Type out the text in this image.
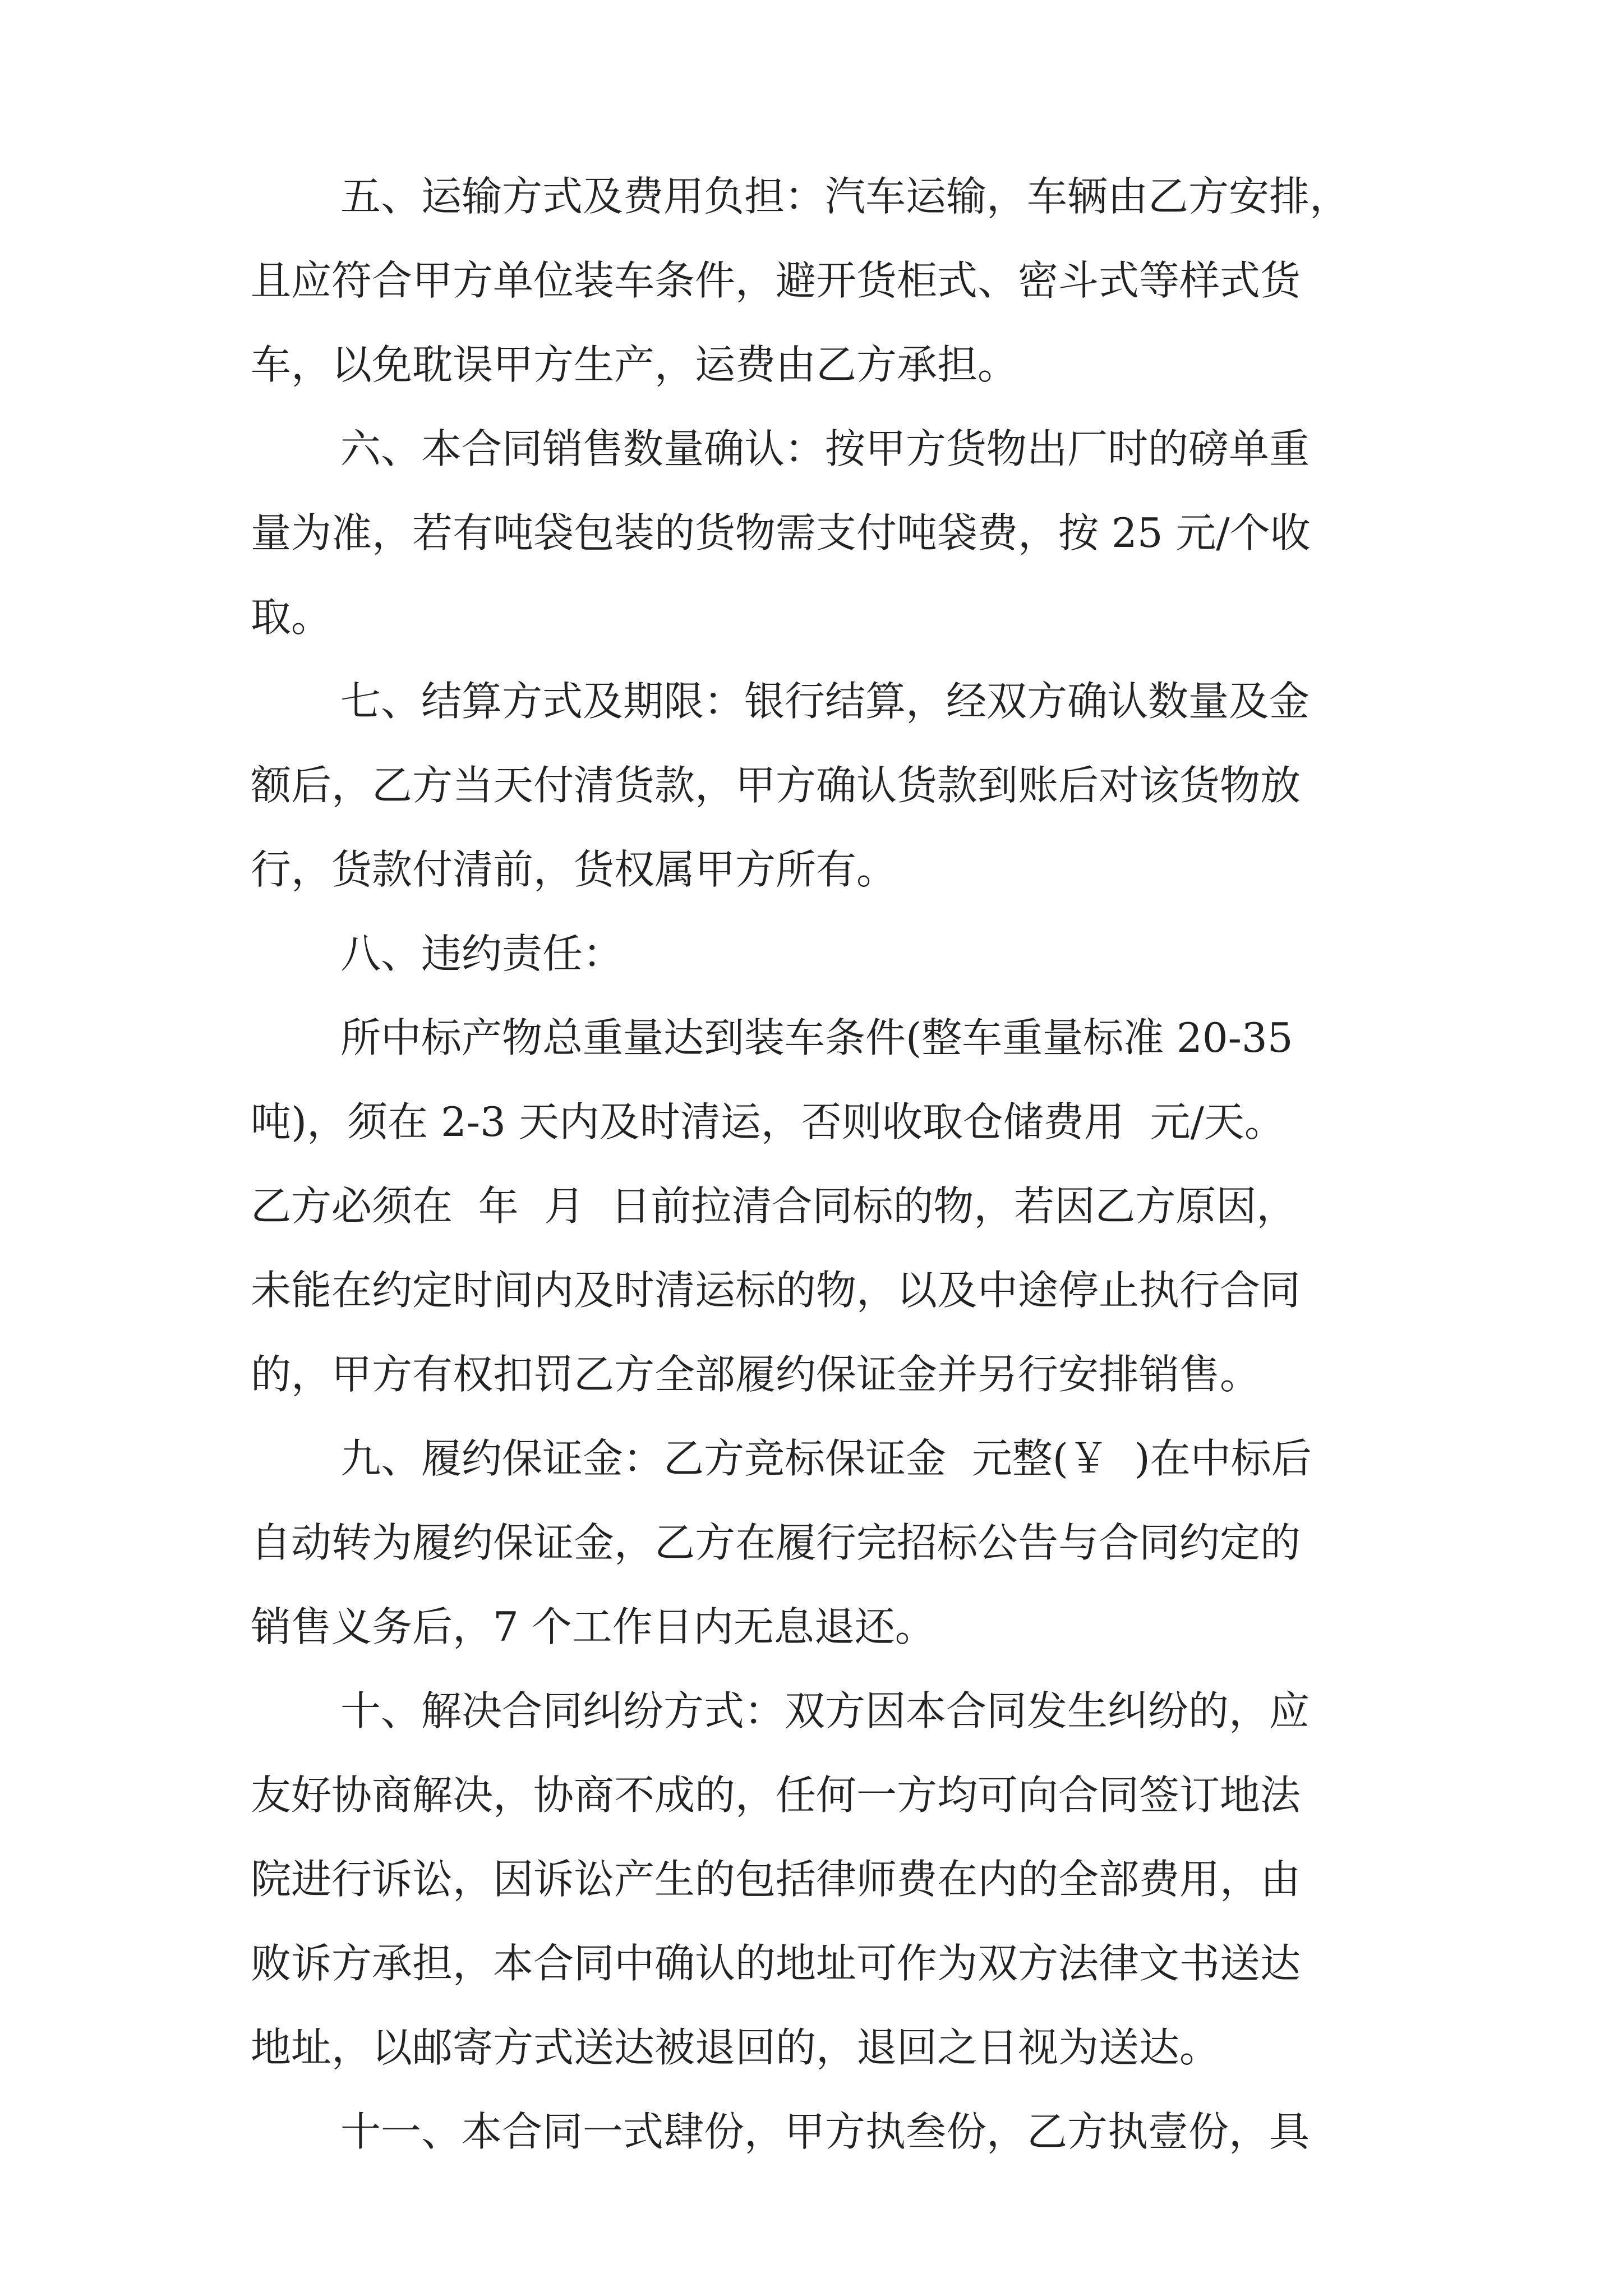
五、运输方式及费用负担：汽车运输，车辆由乙方安排，
且应符合甲方单位装车条件，避开货柜式、密斗式等样式货
车，以免耽误甲方生产，运费由乙方承担。
六、本合同销售数量确认：按甲方货物出厂时的磅单重
量为准，若有吨袋包装的货物需支付吨袋费，按 25 元/个收
取。
七、结算方式及期限：银行结算，经双方确认数量及金
额后，乙方当天付清货款，甲方确认货款到账后对该货物放
行，货款付清前，货权属甲方所有。
八、违约责任：
所中标产物总重量达到装车条件(整车重量标准 20-35
吨)，须在 2-3 天内及时清运，否则收取仓储费用  元/天。
乙方必须在  年  月  日前拉清合同标的物，若因乙方原因，
未能在约定时间内及时清运标的物，以及中途停止执行合同
的，甲方有权扣罚乙方全部履约保证金并另行安排销售。
九、履约保证金：乙方竞标保证金  元整(￥  )在中标后
自动转为履约保证金，乙方在履行完招标公告与合同约定的
销售义务后，7 个工作日内无息退还。
十、解决合同纠纷方式：双方因本合同发生纠纷的，应
友好协商解决，协商不成的，任何一方均可向合同签订地法
院进行诉讼，因诉讼产生的包括律师费在内的全部费用，由
败诉方承担，本合同中确认的地址可作为双方法律文书送达
地址，以邮寄方式送达被退回的，退回之日视为送达。
十一、本合同一式肆份，甲方执叁份，乙方执壹份，具
